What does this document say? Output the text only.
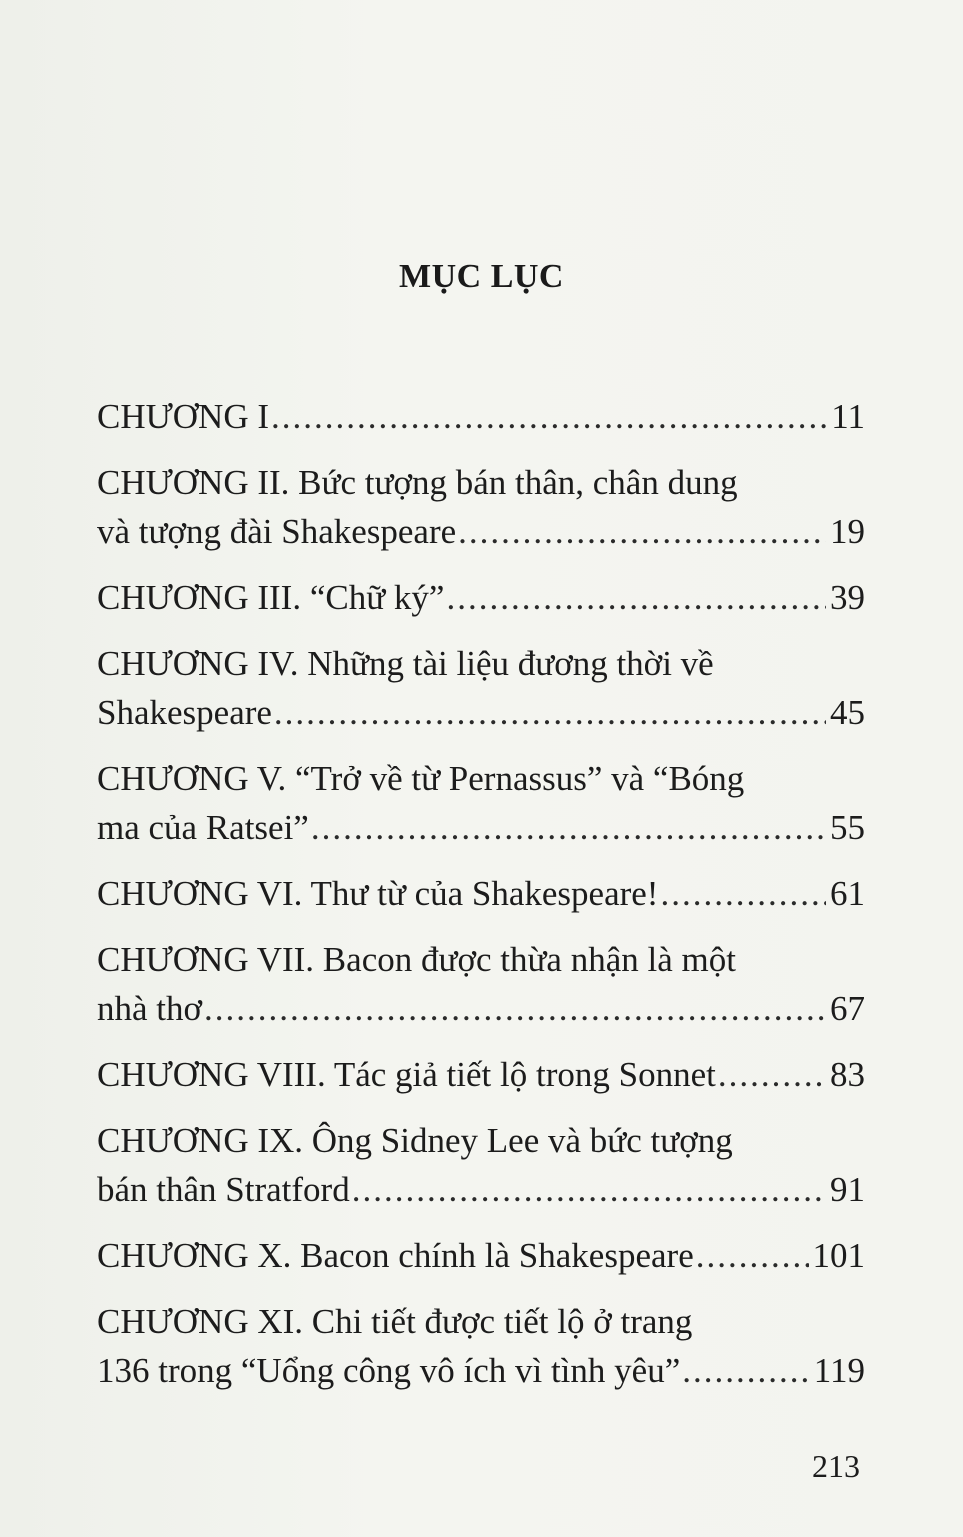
MỤC LỤC
CHƯƠNG I .....	11
CHƯƠNG II. Bức tượng bán thân, chân dung
và tượng đài Shakespeare .....	19
CHƯƠNG III. “Chữ ký” .....	39
CHƯƠNG IV. Những tài liệu đương thời về
Shakespeare .....	45
CHƯƠNG V. “Trở về từ Pernassus” và “Bóng
ma của Ratsei” .....	55
CHƯƠNG VI. Thư từ của Shakespeare! .....	61
CHƯƠNG VII. Bacon được thừa nhận là một
nhà thơ .....	67
CHƯƠNG VIII. Tác giả tiết lộ trong Sonnet .....	83
CHƯƠNG IX. Ông Sidney Lee và bức tượng
bán thân Stratford .....	91
CHƯƠNG X. Bacon chính là Shakespeare .....	101
CHƯƠNG XI. Chi tiết được tiết lộ ở trang
136 trong “Uổng công vô ích vì tình yêu” .....	119
213
